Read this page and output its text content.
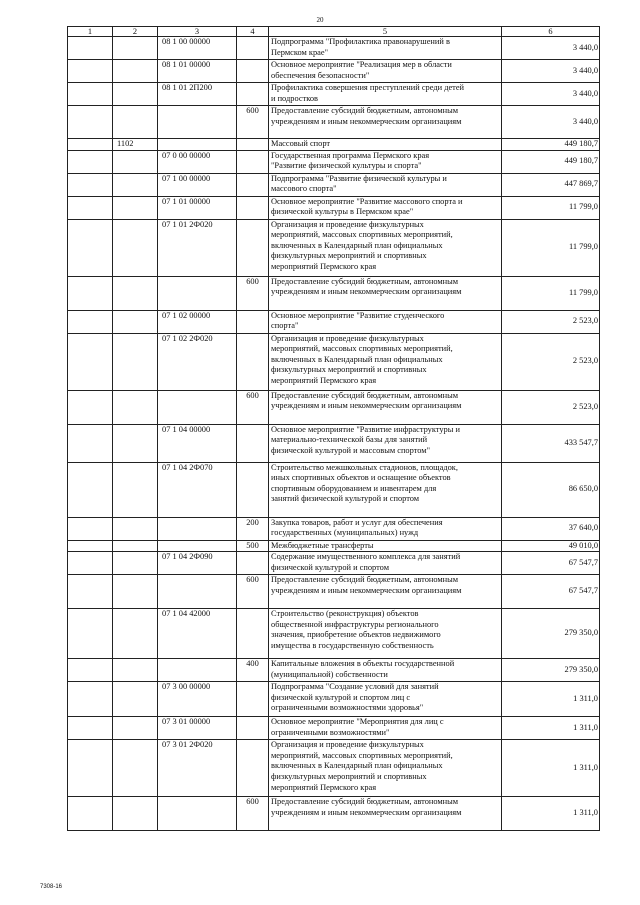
20
1	2	3	4	5	6
		08 1 00 00000		Подпрограмма "Профилактика правонарушений в
Пермском крае"	3 440,0
		08 1 01 00000		Основное мероприятие "Реализация мер в области
обеспечения безопасности"	3 440,0
		08 1 01 2П200		Профилактика совершения преступлений среди детей
и подростков	3 440,0
			600	Предоставление субсидий бюджетным, автономным
учреждениям и иным некоммерческим организациям	3 440,0
	1102			Массовый спорт	449 180,7
		07 0 00 00000		Государственная программа Пермского края
"Развитие физической культуры и спорта"	449 180,7
		07 1 00 00000		Подпрограмма "Развитие физической культуры и
массового спорта"	447 869,7
		07 1 01 00000		Основное мероприятие "Развитие массового спорта и
физической культуры в Пермском крае"	11 799,0
		07 1 01 2Ф020		Организация и проведение физкультурных
мероприятий, массовых спортивных мероприятий,
включенных в Календарный план официальных
физкультурных мероприятий и спортивных
мероприятий Пермского края	11 799,0
			600	Предоставление субсидий бюджетным, автономным
учреждениям и иным некоммерческим организациям	11 799,0
		07 1 02 00000		Основное мероприятие "Развитие студенческого
спорта"	2 523,0
		07 1 02 2Ф020		Организация и проведение физкультурных
мероприятий, массовых спортивных мероприятий,
включенных в Календарный план официальных
физкультурных мероприятий и спортивных
мероприятий Пермского края	2 523,0
			600	Предоставление субсидий бюджетным, автономным
учреждениям и иным некоммерческим организациям	2 523,0
		07 1 04 00000		Основное мероприятие "Развитие инфраструктуры и
материально-технической базы для занятий
физической культурой и массовым спортом"	433 547,7
		07 1 04 2Ф070		Строительство межшкольных стадионов, площадок,
иных спортивных объектов и оснащение объектов
спортивным оборудованием и инвентарем для
занятий физической культурой и спортом	86 650,0
			200	Закупка товаров, работ и услуг для обеспечения
государственных (муниципальных) нужд	37 640,0
			500	Межбюджетные трансферты	49 010,0
		07 1 04 2Ф090		Содержание имущественного комплекса для занятий
физической культурой и спортом	67 547,7
			600	Предоставление субсидий бюджетным, автономным
учреждениям и иным некоммерческим организациям	67 547,7
		07 1 04 42000		Строительство (реконструкция) объектов
общественной инфраструктуры регионального
значения, приобретение объектов недвижимого
имущества в государственную собственность	279 350,0
			400	Капитальные вложения в объекты государственной
(муниципальной) собственности	279 350,0
		07 3 00 00000		Подпрограмма "Создание условий для занятий
физической культурой и спортом лиц с
ограниченными возможностями здоровья"	1 311,0
		07 3 01 00000		Основное мероприятие "Мероприятия для лиц с
ограниченными возможностями"	1 311,0
		07 3 01 2Ф020		Организация и проведение физкультурных
мероприятий, массовых спортивных мероприятий,
включенных в Календарный план официальных
физкультурных мероприятий и спортивных
мероприятий Пермского края	1 311,0
			600	Предоставление субсидий бюджетным, автономным
учреждениям и иным некоммерческим организациям	1 311,0
7308-16
